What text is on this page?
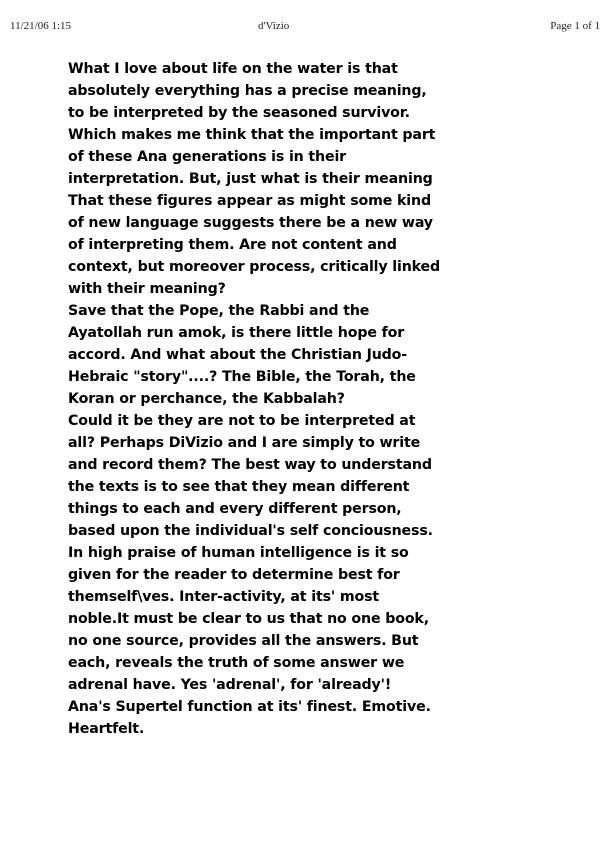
11/21/06 1:15	d'Vizio	Page 1 of 1
What I love about life on the water is that
absolutely everything has a precise meaning,
to be interpreted by the seasoned survivor.
Which makes me think that the important part
of these Ana generations is in their
interpretation. But, just what is their meaning
That these figures appear as might some kind
of new language suggests there be a new way
of interpreting them. Are not content and
context, but moreover process, critically linked
with their meaning?
Save that the Pope, the Rabbi and the
Ayatollah run amok, is there little hope for
accord. And what about the Christian Judo-
Hebraic "story"....? The Bible, the Torah, the
Koran or perchance, the Kabbalah?
Could it be they are not to be interpreted at
all? Perhaps DiVizio and I are simply to write
and record them? The best way to understand
the texts is to see that they mean different
things to each and every different person,
based upon the individual's self conciousness.
In high praise of human intelligence is it so
given for the reader to determine best for
themself\ves. Inter-activity, at its' most
noble.It must be clear to us that no one book,
no one source, provides all the answers. But
each, reveals the truth of some answer we
adrenal have. Yes 'adrenal', for 'already'!
Ana's Supertel function at its' finest. Emotive.
Heartfelt.
